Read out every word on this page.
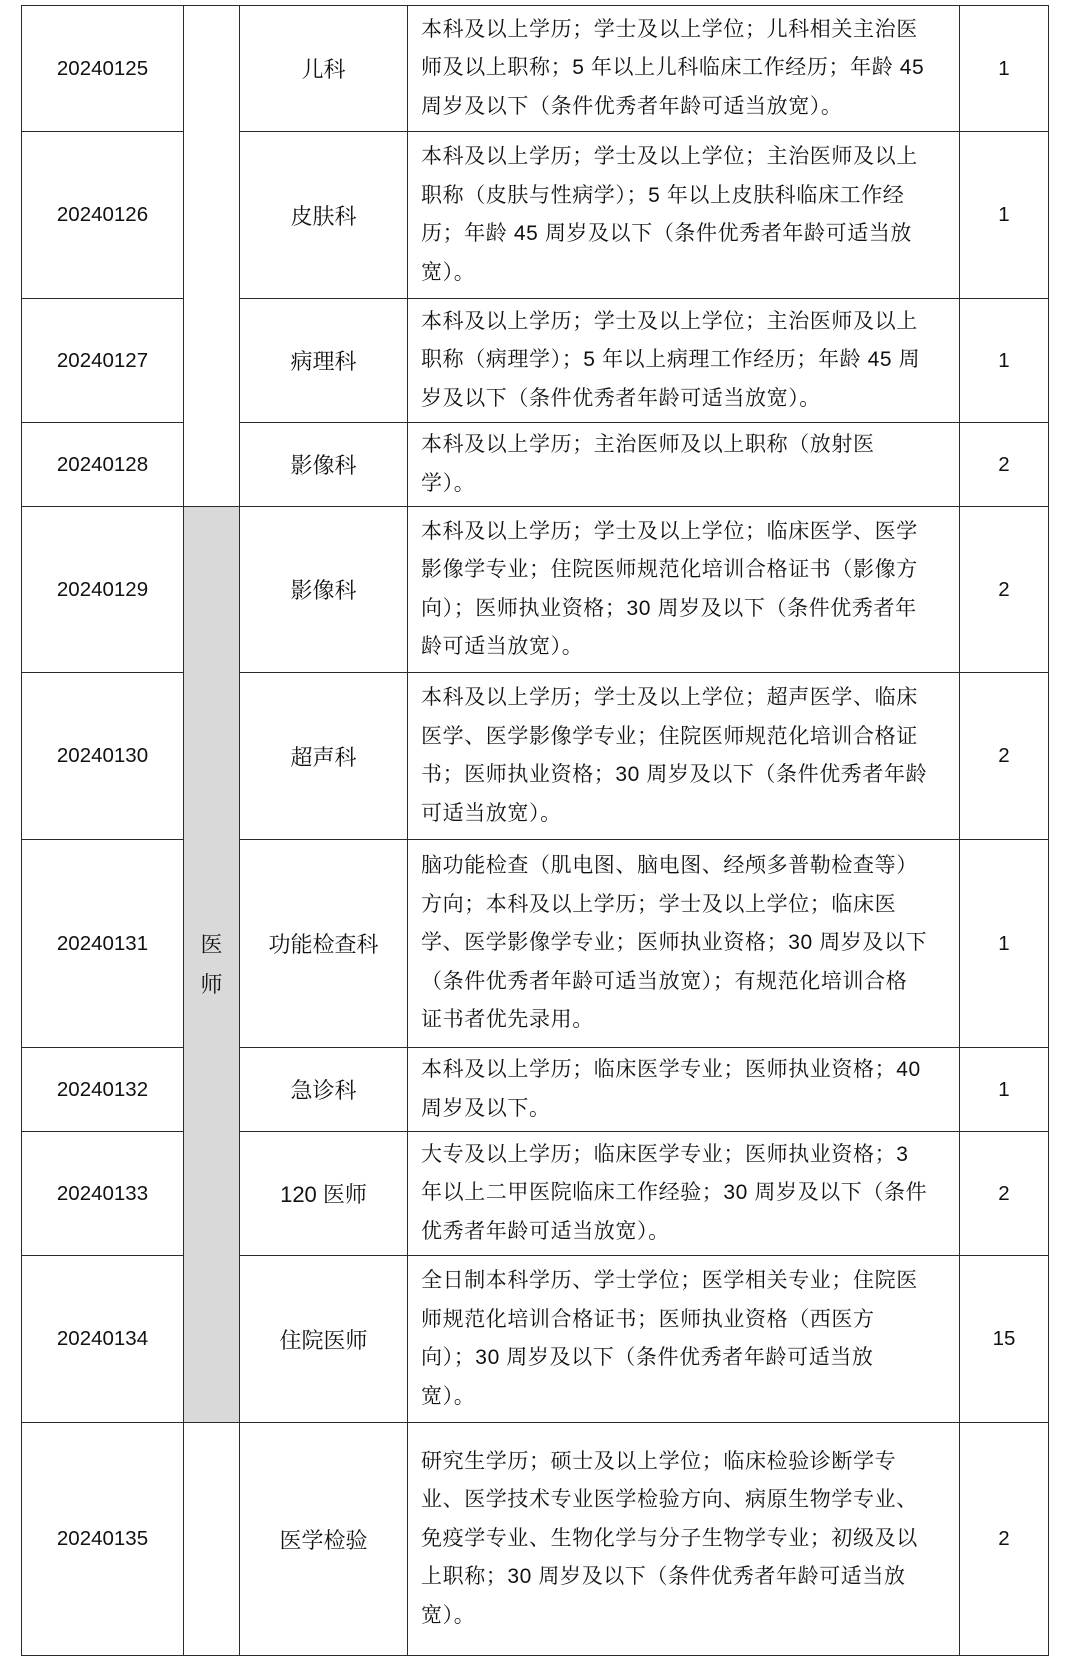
20240125		儿科	本科及以上学历；学士及以上学位；儿科相关主治医
师及以上职称；5 年以上儿科临床工作经历；年龄 45
周岁及以下（条件优秀者年龄可适当放宽）。	1
20240126		皮肤科	本科及以上学历；学士及以上学位；主治医师及以上
职称（皮肤与性病学）；5 年以上皮肤科临床工作经
历；年龄 45 周岁及以下（条件优秀者年龄可适当放
宽）。	1
20240127		病理科	本科及以上学历；学士及以上学位；主治医师及以上
职称（病理学）；5 年以上病理工作经历；年龄 45 周
岁及以下（条件优秀者年龄可适当放宽）。	1
20240128		影像科	本科及以上学历；主治医师及以上职称（放射医
学）。	2
20240129	医师	影像科	本科及以上学历；学士及以上学位；临床医学、医学
影像学专业；住院医师规范化培训合格证书（影像方
向）；医师执业资格；30 周岁及以下（条件优秀者年
龄可适当放宽）。	2
20240130		超声科	本科及以上学历；学士及以上学位；超声医学、临床
医学、医学影像学专业；住院医师规范化培训合格证
书；医师执业资格；30 周岁及以下（条件优秀者年龄
可适当放宽）。	2
20240131		功能检查科	脑功能检查（肌电图、脑电图、经颅多普勒检查等）
方向；本科及以上学历；学士及以上学位；临床医
学、医学影像学专业；医师执业资格；30 周岁及以下
（条件优秀者年龄可适当放宽）；有规范化培训合格
证书者优先录用。	1
20240132		急诊科	本科及以上学历；临床医学专业；医师执业资格；40
周岁及以下。	1
20240133		120 医师	大专及以上学历；临床医学专业；医师执业资格；3
年以上二甲医院临床工作经验；30 周岁及以下（条件
优秀者年龄可适当放宽）。	2
20240134		住院医师	全日制本科学历、学士学位；医学相关专业；住院医
师规范化培训合格证书；医师执业资格（西医方
向）；30 周岁及以下（条件优秀者年龄可适当放
宽）。	15
20240135		医学检验	研究生学历；硕士及以上学位；临床检验诊断学专
业、医学技术专业医学检验方向、病原生物学专业、
免疫学专业、生物化学与分子生物学专业；初级及以
上职称；30 周岁及以下（条件优秀者年龄可适当放
宽）。	2
